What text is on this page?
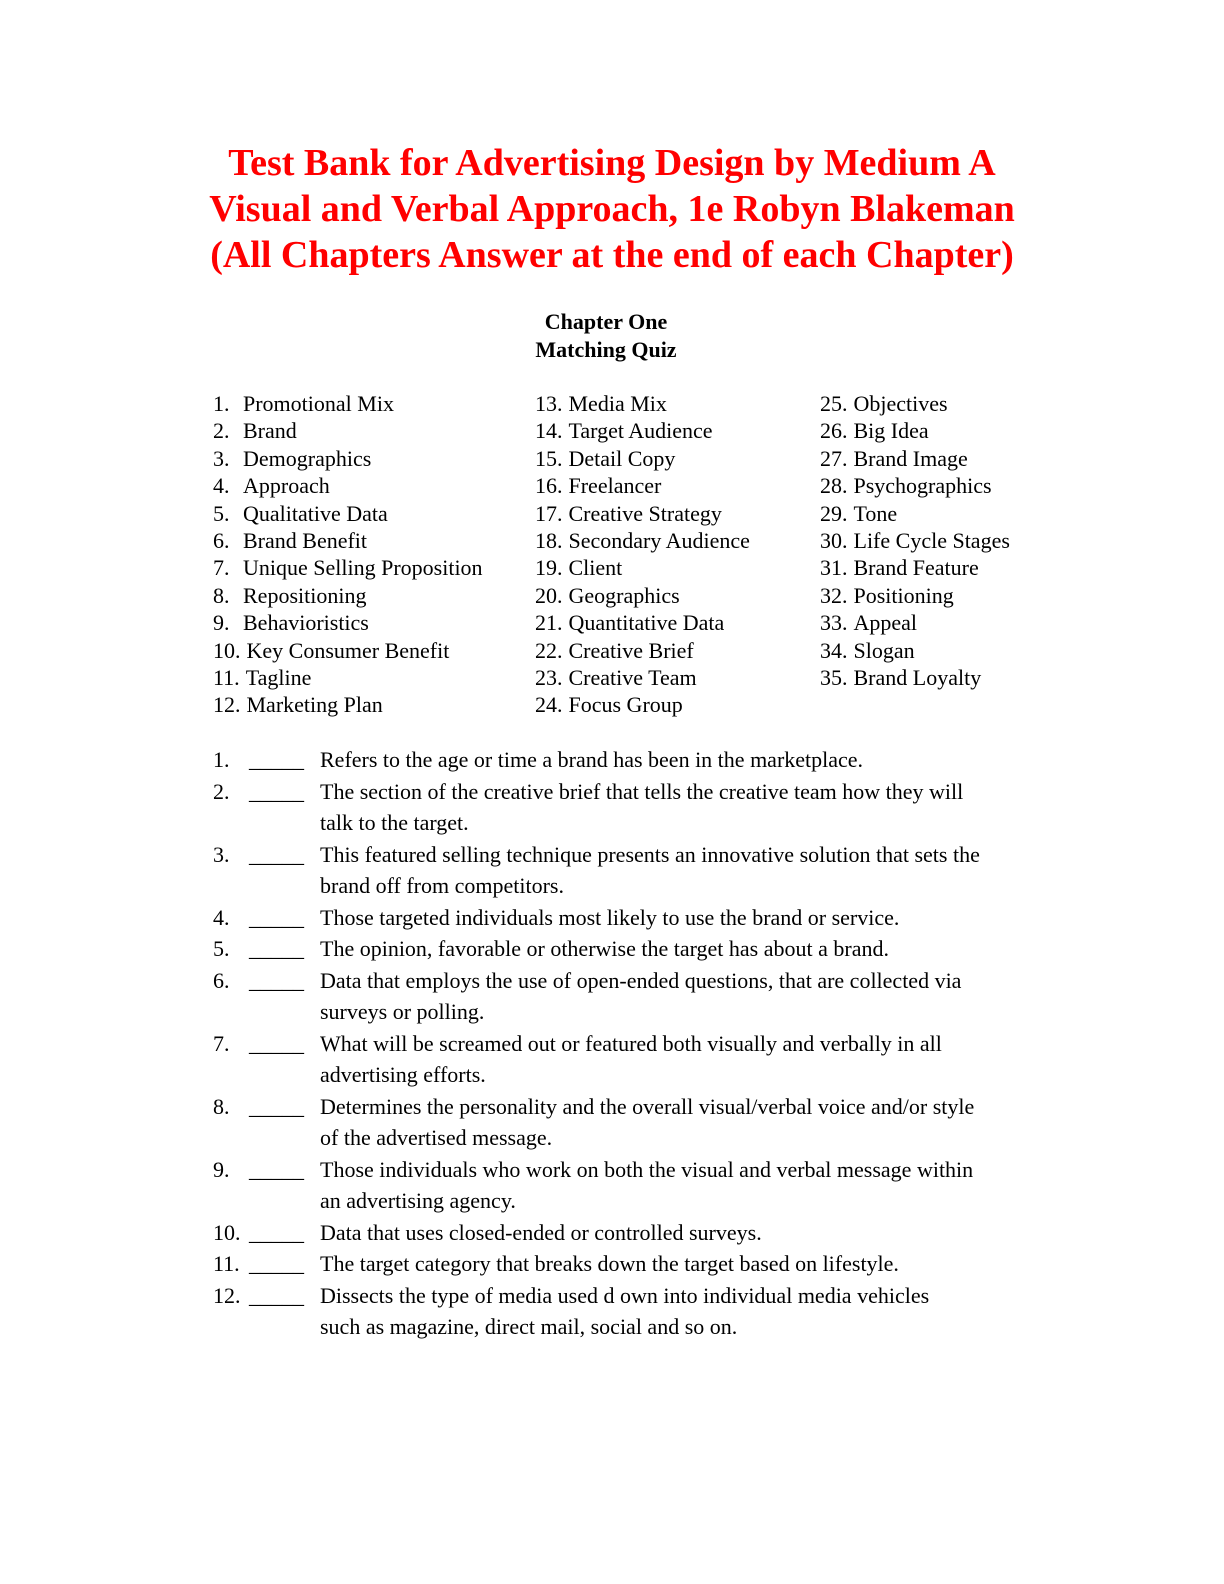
Test Bank for Advertising Design by Medium A
Visual and Verbal Approach, 1e Robyn Blakeman
(All Chapters Answer at the end of each Chapter)
Chapter One
Matching Quiz
1. Promotional Mix
2. Brand
3. Demographics
4. Approach
5. Qualitative Data
6. Brand Benefit
7. Unique Selling Proposition
8. Repositioning
9. Behavioristics
10. Key Consumer Benefit
11. Tagline
12. Marketing Plan
13. Media Mix
14. Target Audience
15. Detail Copy
16. Freelancer
17. Creative Strategy
18. Secondary Audience
19. Client
20. Geographics
21. Quantitative Data
22. Creative Brief
23. Creative Team
24. Focus Group
25. Objectives
26. Big Idea
27. Brand Image
28. Psychographics
29. Tone
30. Life Cycle Stages
31. Brand Feature
32. Positioning
33. Appeal
34. Slogan
35. Brand Loyalty
1. _____ Refers to the age or time a brand has been in the marketplace.
2. _____ The section of the creative brief that tells the creative team how they will
talk to the target.
3. _____ This featured selling technique presents an innovative solution that sets the
brand off from competitors.
4. _____ Those targeted individuals most likely to use the brand or service.
5. _____ The opinion, favorable or otherwise the target has about a brand.
6. _____ Data that employs the use of open-ended questions, that are collected via
surveys or polling.
7. _____ What will be screamed out or featured both visually and verbally in all
advertising efforts.
8. _____ Determines the personality and the overall visual/verbal voice and/or style
of the advertised message.
9. _____ Those individuals who work on both the visual and verbal message within
an advertising agency.
10. _____ Data that uses closed-ended or controlled surveys.
11. _____ The target category that breaks down the target based on lifestyle.
12. _____ Dissects the type of media used d own into individual media vehicles
such as magazine, direct mail, social and so on.
